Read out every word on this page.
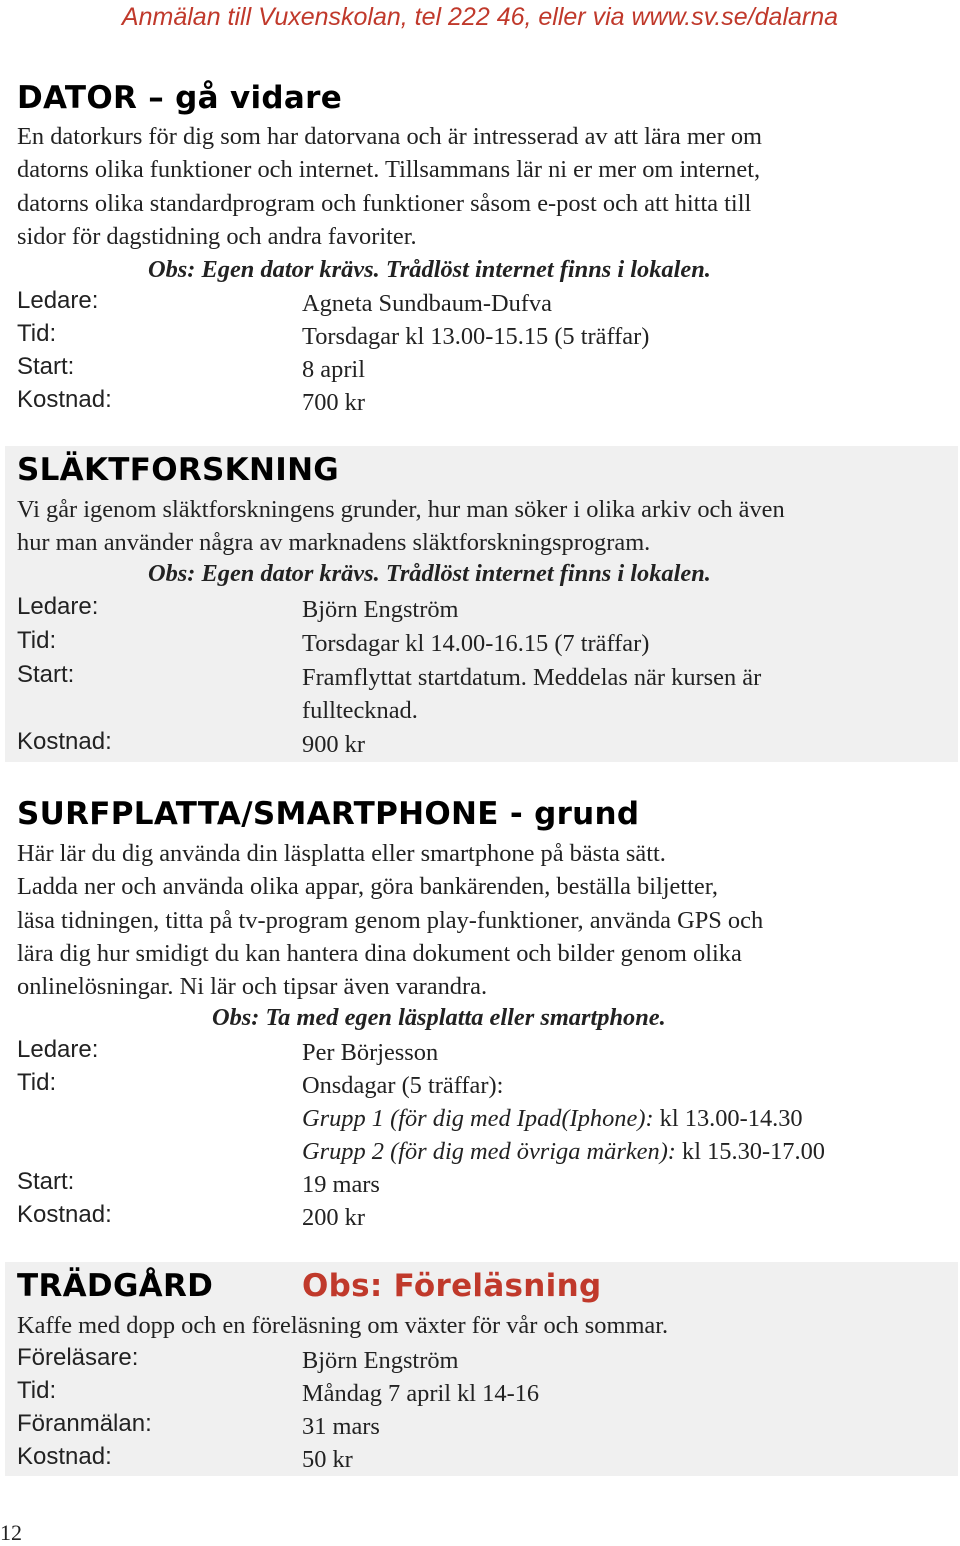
Anmälan till Vuxenskolan, tel 222 46, eller via www.sv.se/dalarna
DATOR – gå vidare
En datorkurs för dig som har datorvana och är intresserad av att lära mer om
datorns olika funktioner och internet. Tillsammans lär ni er mer om internet,
datorns olika standardprogram och funktioner såsom e-post och att hitta till
sidor för dagstidning och andra favoriter.
Obs: Egen dator krävs. Trådlöst internet finns i lokalen.
Ledare:	Agneta Sundbaum-Dufva
Tid:	Torsdagar kl 13.00-15.15 (5 träffar)
Start:	8 april
Kostnad:	700 kr
SLÄKTFORSKNING
Vi går igenom släktforskningens grunder, hur man söker i olika arkiv och även
hur man använder några av marknadens släktforskningsprogram.
Obs: Egen dator krävs. Trådlöst internet finns i lokalen.
Ledare:	Björn Engström
Tid:	Torsdagar kl 14.00-16.15 (7 träffar)
Start:	Framflyttat startdatum. Meddelas när kursen är
fulltecknad.
Kostnad:	900 kr
SURFPLATTA/SMARTPHONE - grund
Här lär du dig använda din läsplatta eller smartphone på bästa sätt.
Ladda ner och använda olika appar, göra bankärenden, beställa biljetter,
läsa tidningen, titta på tv-program genom play-funktioner, använda GPS och
lära dig hur smidigt du kan hantera dina dokument och bilder genom olika
onlinelösningar. Ni lär och tipsar även varandra.
Obs: Ta med egen läsplatta eller smartphone.
Ledare:	Per Börjesson
Tid:	Onsdagar (5 träffar):
Grupp 1 (för dig med Ipad(Iphone): kl 13.00-14.30
Grupp 2 (för dig med övriga märken): kl 15.30-17.00
Start:	19 mars
Kostnad:	200 kr
TRÄDGÅRD	Obs: Föreläsning
Kaffe med dopp och en föreläsning om växter för vår och sommar.
Föreläsare:	Björn Engström
Tid:	Måndag 7 april kl 14-16
Föranmälan:	31 mars
Kostnad:	50 kr
12
